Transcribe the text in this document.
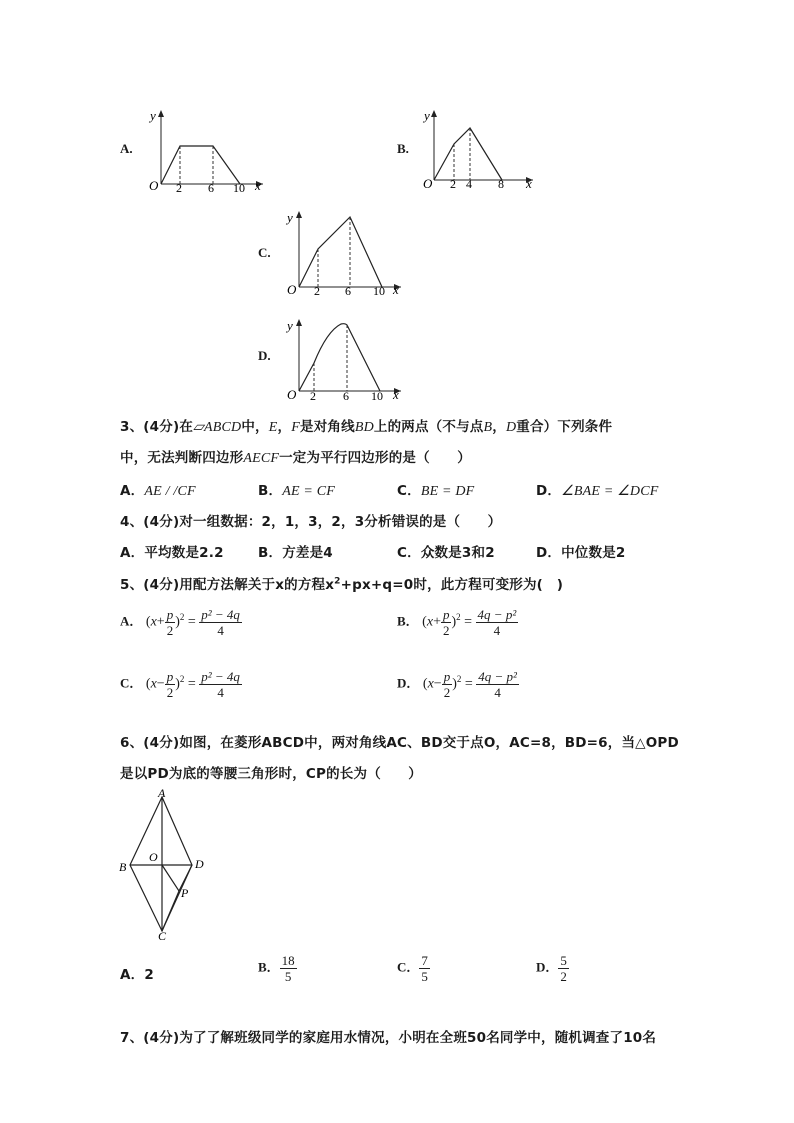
A.
y
O	x
2 6 10
B.
y
O	x
2 4 8
C.
y
O	x
2 6 10
D.
y
O	x
2 6 10
3、(4分)在▱ABCD中，E，F是对角线BD上的两点（不与点B，D重合）下列条件
中，无法判断四边形AECF一定为平行四边形的是（　　）
A．AE / /CF	B．AE = CF	C．BE = DF	D．∠BAE = ∠DCF
4、(4分)对一组数据：2，1，3，2，3分析错误的是（　　）
A．平均数是2.2	B．方差是4	C．众数是3和2	D．中位数是2
5、(4分)用配方法解关于x的方程$x^2+px+q=0$时，此方程可变形为(　)
A． $(x+ \frac{p}{2} )^2 = \frac{\text{p² − 4q}}{4}$	B． $(x+ \frac{p}{2} )^2 = \frac{\text{4q − p²}}{4}$
C． $(x- \frac{p}{2} )^2 = \frac{\text{p² − 4q}}{4}$	D． $(x- \frac{p}{2} )^2 = \frac{\text{4q − p²}}{4}$
6、(4分)如图，在菱形ABCD中，两对角线AC、BD交于点O，AC=8，BD=6，当△OPD
是以PD为底的等腰三角形时，CP的长为（　　）
A
B
C
D
O
P
A．2	B． $\frac{18}{5}$	C． $\frac{7}{5}$	D． $\frac{5}{2}$
7、(4分)为了了解班级同学的家庭用水情况，小明在全班50名同学中，随机调查了10名
